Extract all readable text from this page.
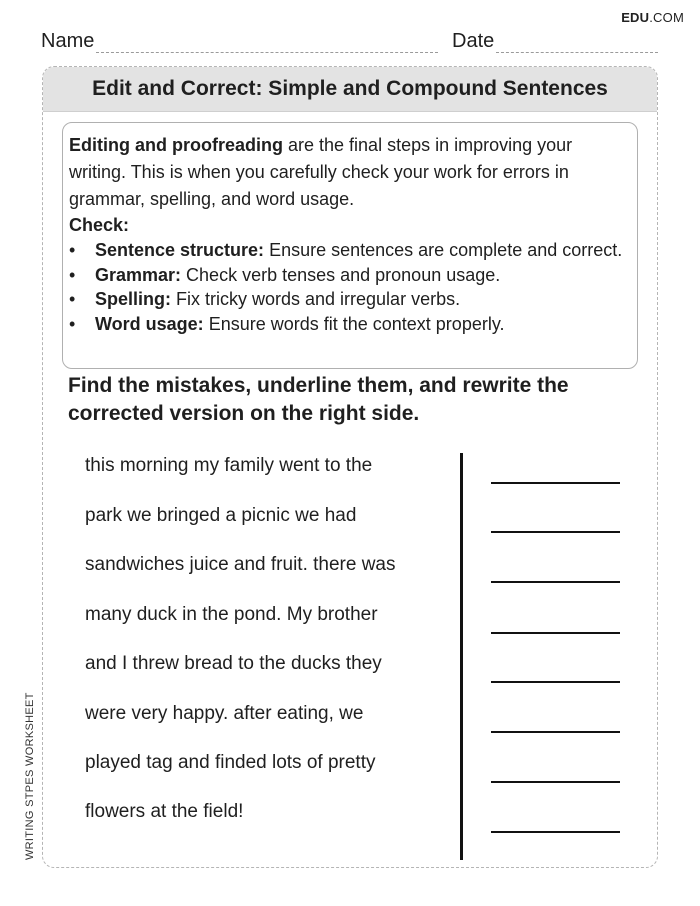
EDU.COM
Name	Date
Edit and Correct: Simple and Compound Sentences
Editing and proofreading are the final steps in improving your writing. This is when you carefully check your work for errors in grammar, spelling, and word usage.
Check:
• Sentence structure: Ensure sentences are complete and correct.
• Grammar: Check verb tenses and pronoun usage.
• Spelling: Fix tricky words and irregular verbs.
• Word usage: Ensure words fit the context properly.

Find the mistakes, underline them, and rewrite the corrected version on the right side.

this morning my family went to the
park we bringed a picnic we had
sandwiches juice and fruit. there was
many duck in the pond. My brother
and I threw bread to the ducks they
were very happy. after eating, we
played tag and finded lots of pretty
flowers at the field!
WRITING STPES WORKSHEET
